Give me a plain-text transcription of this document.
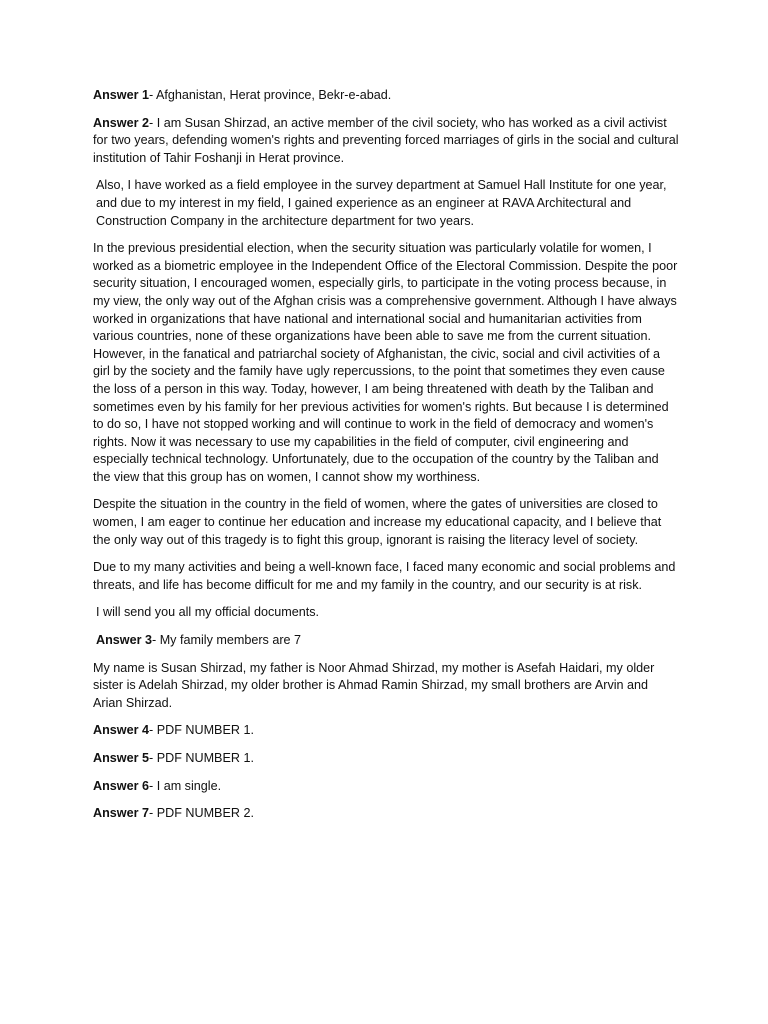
Answer 1- Afghanistan, Herat province, Bekr-e-abad.

Answer 2- I am Susan Shirzad, an active member of the civil society, who has worked as a civil activist for two years, defending women's rights and preventing forced marriages of girls in the social and cultural institution of Tahir Foshanji in Herat province.

Also, I have worked as a field employee in the survey department at Samuel Hall Institute for one year, and due to my interest in my field, I gained experience as an engineer at RAVA Architectural and Construction Company in the architecture department for two years.

In the previous presidential election, when the security situation was particularly volatile for women, I worked as a biometric employee in the Independent Office of the Electoral Commission. Despite the poor security situation, I encouraged women, especially girls, to participate in the voting process because, in my view, the only way out of the Afghan crisis was a comprehensive government. Although I have always worked in organizations that have national and international social and humanitarian activities from various countries, none of these organizations have been able to save me from the current situation. However, in the fanatical and patriarchal society of Afghanistan, the civic, social and civil activities of a girl by the society and the family have ugly repercussions, to the point that sometimes they even cause the loss of a person in this way. Today, however, I am being threatened with death by the Taliban and sometimes even by his family for her previous activities for women's rights. But because I is determined to do so, I have not stopped working and will continue to work in the field of democracy and women's rights. Now it was necessary to use my capabilities in the field of computer, civil engineering and especially technical technology. Unfortunately, due to the occupation of the country by the Taliban and the view that this group has on women, I cannot show my worthiness.

Despite the situation in the country in the field of women, where the gates of universities are closed to women, I am eager to continue her education and increase my educational capacity, and I believe that the only way out of this tragedy is to fight this group, ignorant is raising the literacy level of society.

Due to my many activities and being a well-known face, I faced many economic and social problems and threats, and life has become difficult for me and my family in the country, and our security is at risk.

I will send you all my official documents.

Answer 3- My family members are 7

My name is Susan Shirzad, my father is Noor Ahmad Shirzad, my mother is Asefah Haidari, my older sister is Adelah Shirzad, my older brother is Ahmad Ramin Shirzad, my small brothers are Arvin and Arian Shirzad.

Answer 4- PDF NUMBER 1.

Answer 5- PDF NUMBER 1.

Answer 6- I am single.

Answer 7- PDF NUMBER 2.
